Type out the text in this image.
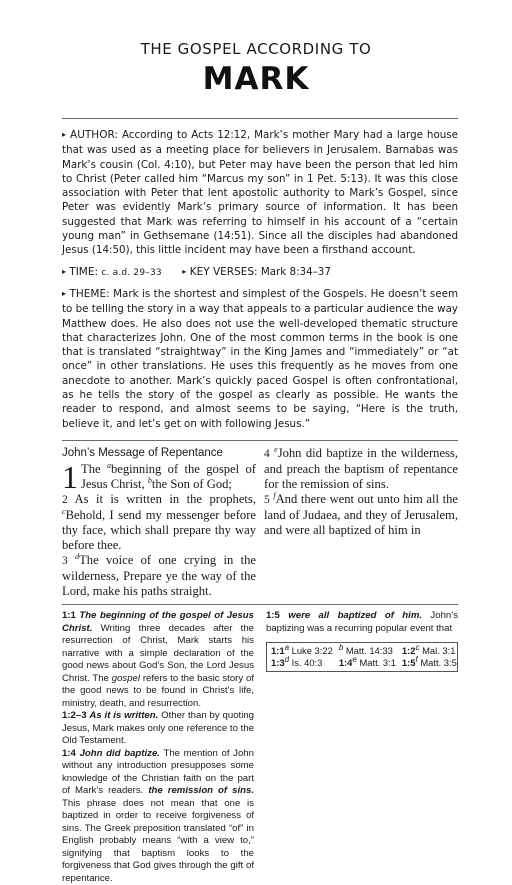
THE GOSPEL ACCORDING TO
MARK

▸ AUTHOR: According to Acts 12:12, Mark’s mother Mary had a large house that was used as a meeting place for believers in Jerusalem. Barnabas was Mark’s cousin (Col. 4:10), but Peter may have been the person that led him to Christ (Peter called him “Marcus my son” in 1 Pet. 5:13). It was this close association with Peter that lent apostolic authority to Mark’s Gospel, since Peter was evidently Mark’s primary source of information. It has been suggested that Mark was referring to himself in his account of a “certain young man” in Gethsemane (14:51). Since all the disciples had abandoned Jesus (14:50), this little incident may have been a firsthand account.

▸ TIME: c. a.d. 29–33	▸ KEY VERSES: Mark 8:34–37

▸ THEME: Mark is the shortest and simplest of the Gospels. He doesn’t seem to be telling the story in a way that appeals to a particular audience the way Matthew does. He also does not use the well-developed thematic structure that characterizes John. One of the most common terms in the book is one that is translated “straightway” in the King James and “immediately” or “at once” in other translations. He uses this frequently as he moves from one anecdote to another. Mark’s quickly paced Gospel is often confrontational, as he tells the story of the gospel as clearly as possible. He wants the reader to respond, and almost seems to be saying, “Here is the truth, believe it, and let’s get on with following Jesus.”

John’s Message of Repentance
1 The $^a$beginning of the gospel of Jesus Christ, $^b$the Son of God;
2 As it is written in the prophets, $^c$Behold, I send my messenger before thy face, which shall prepare thy way before thee.
3 $^d$The voice of one crying in the wilderness, Prepare ye the way of the Lord, make his paths straight.
4 $^e$John did baptize in the wilderness, and preach the baptism of repentance for the remission of sins.
5 $^f$And there went out unto him all the land of Judaea, and they of Jerusalem, and were all baptized of him in

1:1 The beginning of the gospel of Jesus Christ. Writing three decades after the resurrection of Christ, Mark starts his narrative with a simple declaration of the good news about God’s Son, the Lord Jesus Christ. The gospel refers to the basic story of the good news to be found in Christ’s life, ministry, death, and resurrection.

1:2–3 As it is written. Other than by quoting Jesus, Mark makes only one reference to the Old Testament.

1:4 John did baptize. The mention of John without any introduction presupposes some knowledge of the Christian faith on the part of Mark’s readers. the remission of sins. This phrase does not mean that one is baptized in order to receive forgiveness of sins. The Greek preposition translated “of” in English probably means “with a view to,” signifying that baptism looks to the forgiveness that God gives through the gift of repentance.

1:5 were all baptized of him. John’s baptizing was a recurring popular event that

1:1a Luke 3:22 b Matt. 14:33 1:2c Mal. 3:1
1:3d Is. 40:3	1:4e Matt. 3:1 1:5f Matt. 3:5
